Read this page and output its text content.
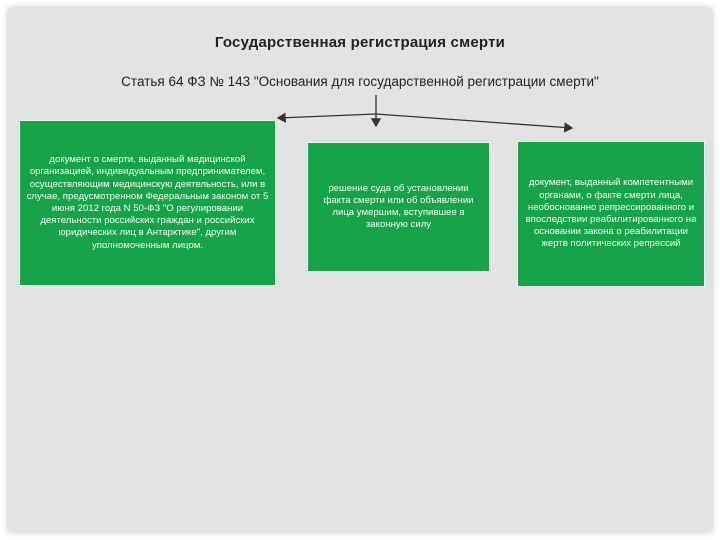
Государственная регистрация смерти
Статья 64 ФЗ № 143 "Основания для государственной регистрации смерти"
документ о смерти, выданный медицинской организацией, индивидуальным предпринимателем, осуществляющим медицинскую деятельность, или в случае, предусмотренном Федеральным законом от 5 июня 2012 года N 50-ФЗ "О регулировании деятельности российских граждан и российских юридических лиц в Антарктике", другим уполномоченным лицом.
решение суда об установлении факта смерти или об объявлении лица умершим, вступившее в законную силу
документ, выданный компетентными органами, о факте смерти лица, необоснованно репрессированного и впоследствии реабилитированного на основании закона о реабилитации жертв политических репрессий
